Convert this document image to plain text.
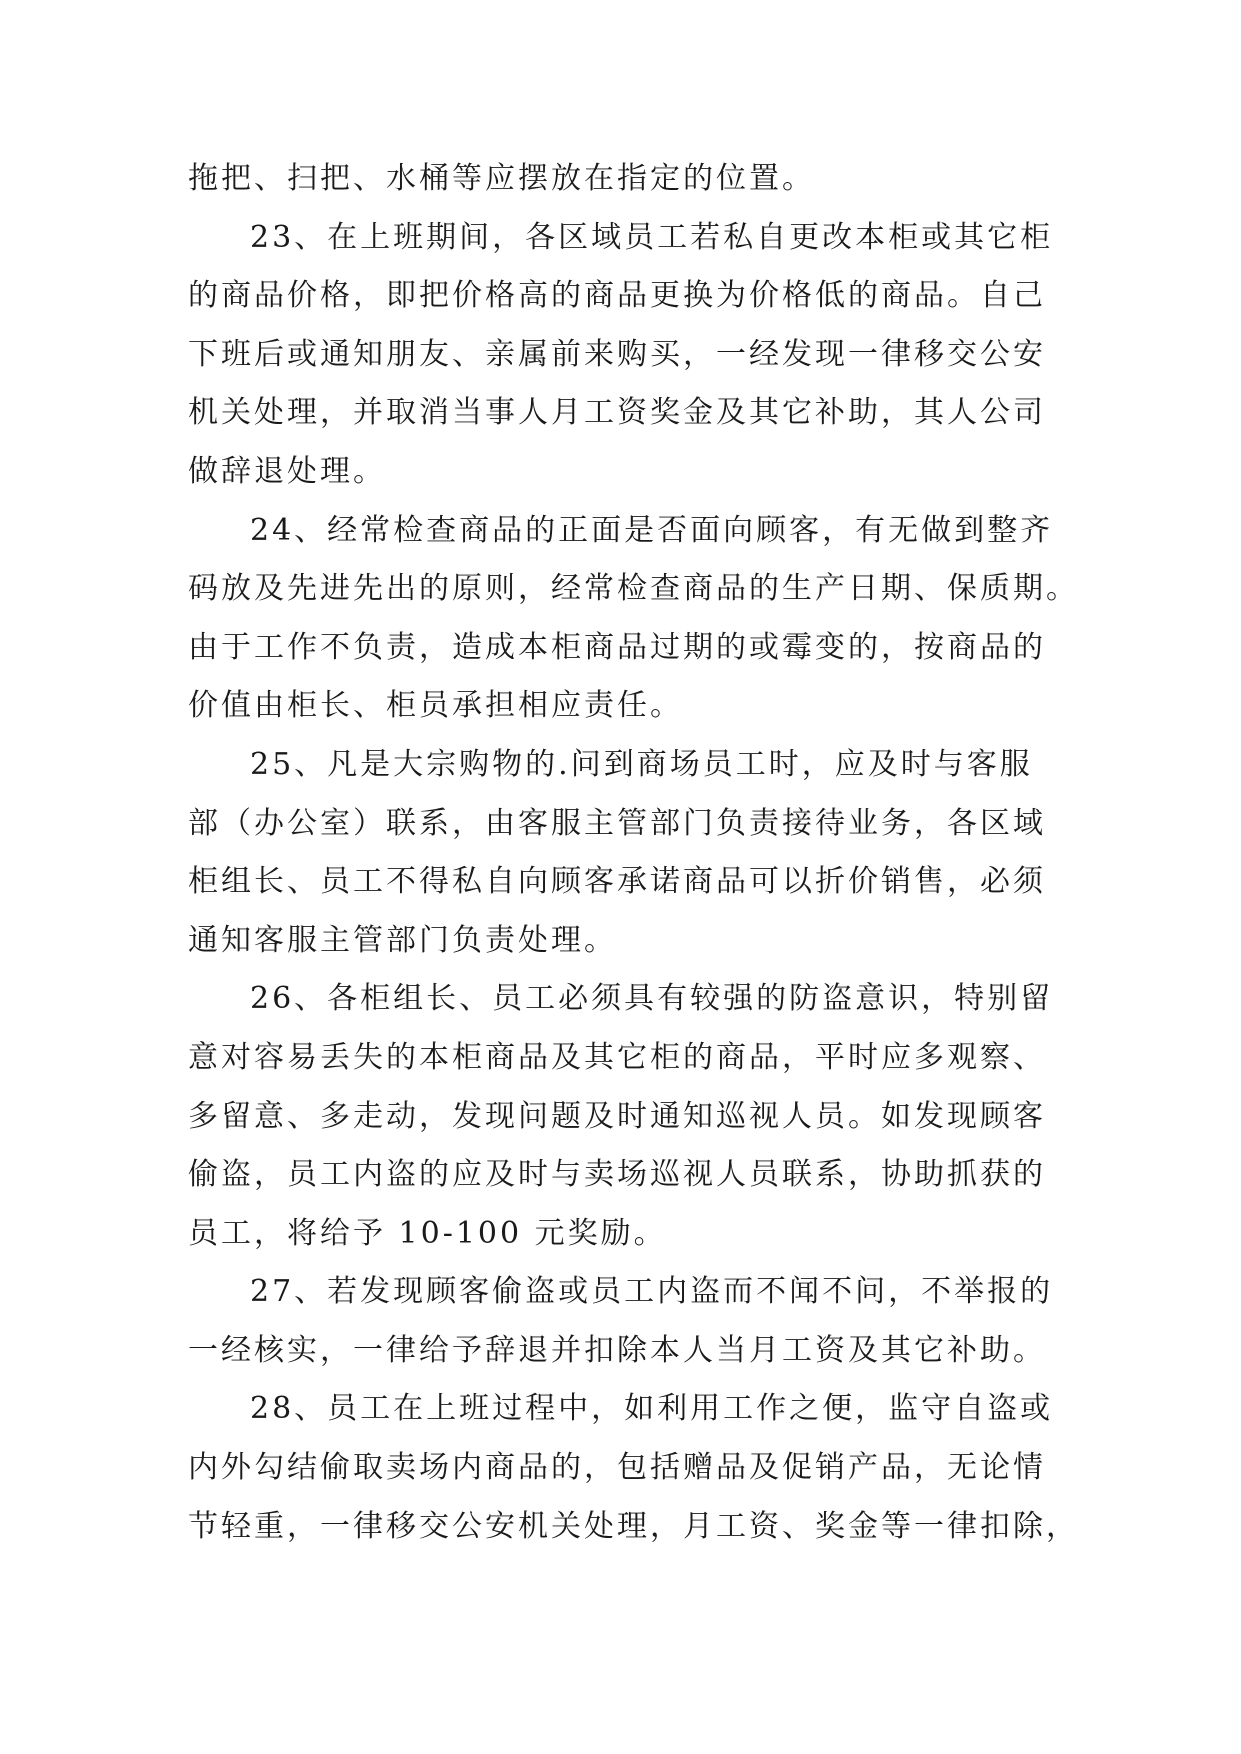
拖把、扫把、水桶等应摆放在指定的位置。
23、在上班期间，各区域员工若私自更改本柜或其它柜
的商品价格，即把价格高的商品更换为价格低的商品。自己
下班后或通知朋友、亲属前来购买，一经发现一律移交公安
机关处理，并取消当事人月工资奖金及其它补助，其人公司
做辞退处理。
24、经常检查商品的正面是否面向顾客，有无做到整齐
码放及先进先出的原则，经常检查商品的生产日期、保质期。
由于工作不负责，造成本柜商品过期的或霉变的，按商品的
价值由柜长、柜员承担相应责任。
25、凡是大宗购物的.问到商场员工时，应及时与客服
部（办公室）联系，由客服主管部门负责接待业务，各区域
柜组长、员工不得私自向顾客承诺商品可以折价销售，必须
通知客服主管部门负责处理。
26、各柜组长、员工必须具有较强的防盗意识，特别留
意对容易丢失的本柜商品及其它柜的商品，平时应多观察、
多留意、多走动，发现问题及时通知巡视人员。如发现顾客
偷盗，员工内盗的应及时与卖场巡视人员联系，协助抓获的
员工，将给予 10-100 元奖励。
27、若发现顾客偷盗或员工内盗而不闻不问，不举报的
一经核实，一律给予辞退并扣除本人当月工资及其它补助。
28、员工在上班过程中，如利用工作之便，监守自盗或
内外勾结偷取卖场内商品的，包括赠品及促销产品，无论情
节轻重，一律移交公安机关处理，月工资、奖金等一律扣除，
